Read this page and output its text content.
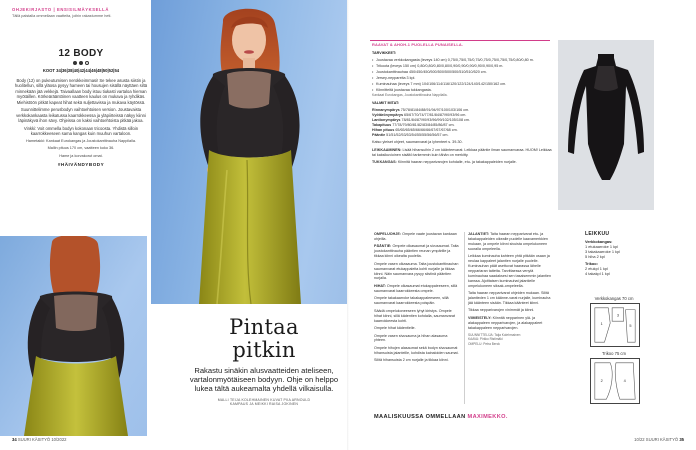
OHJEKIRJASTO | ENSISILMÄYKSELLÄ
Tällä palstalla ommellaan vaatteita, joihin rakastumme heti.
12 BODY
KOOT 34|36|38|40|42|44|46|48|50|52|54

Body (12) on pukeutumisen nerokkeimmasi! Se tekee asusta siistin ja huolitellun, sillä yläosa pysyy hameen tai housujen sisällä näyttäen siltä minnekään jää vekkejä. Taivaallaan body istuu tiukasti vartaloa hieman myötäillen. Körkeärääntöinen vaatteen kaulus on mukava ja ryhdikäs. Miehistöön pitkät kapeat hihat sekä suljettavissa ja mukava käytössä.

Suunnittelimme perusbodyn vaihtoehtoisen version. Joustavaista verkkokankaasta leikatussa kaarrokkeessa ja yläpiirteissä näkyy kiinni läpinäkyvä ihon sävy. Ohjeissa on kaksi vaihtoehtoista pitkää jakoa.

Vinkki: Voit ommella bodyn kokonaan tricoosta. Yhdistä silloin kaarrokkeeseen sama kangas kuin muuhun vartaloon.

Hametakki: Kankaat Eurokangas ja Joustokanttinauha Nappilalla.

Mallin pituus 170 cm, vaatteen koko 36.

Hame ja korvakorut omat.

#HÄIVÄNDYBODY
Pintaa
pitkin
Rakastu sinäkin alusvaatteiden ateliseen, vartalonmyötäiseen bodyyn. Ohje on helppo lukea tältä aukeamalta yhdellä vilkaisulla.
MALLI TEIJA KOLEHMAINEN KUVAT PIIA ARNOULD
KAMPAUS JA MEIKKI RAISA JOKINEN
34 SUURI KÄSITYÖ 10/2022

RAAVAT & AHOH-1 PUOLELLA PUNAISELLA.

TARVIKKEET:

• Joustavaa verkkokangasta (leveys 140 cm) 0,75/0,75/0,75/0,75/0,75/0,75/0,75/0,75/0,80/0,80 m.
• Trikoota (leveys 150 cm) 0,80/0,80/0,80/0,80/0,90/0,90/0,90/0,90/0,90/0,95 m.
• Joustokanttinauhaa 450/450/450/500/500/500/500/510/510/520 cm.
• Jersey-neppareita 3 kpl.
• Kuminauhaa (leveys 7 mm) 104/106/114/116/120/122/124/140/142/150/162 cm.
• Kiinnitteitä joustavaa tukkangasta.

Kankaat Eurokangas, Joustokanttinauha Nappilalla.

VALMIIT MITAT:

Rinnanympärys 75/78/81/84/88/91/94/97/100/103/106 cm.
Vyötärönympärys 65/67/70/74/77/81/84/87/90/93/96 cm.
Lantionympärys 78/81/84/87/90/93/96/99/102/105/108 cm.
Takapituus 77/78/79/80/81/82/83/84/85/86/87 cm.
Hihan pituus 65/65/65/65/66/66/66/67/67/67/68 cm.
Pääntie 51/51/52/53/53/54/55/55/56/56/57 cm.

Katso yleiset ohjeet, saumanvarat ja lyhenteet s. 39-30.

LEIKKAAMINEN: Lisää hihansuihin 2 cm käänteevarat. Leikkaa pääntie ilman saumanvaraa. HUOM! Leikkaa tai kaksikuvioinen sisältö tarkemmin kuin tähän on merkitty.

TUKKANGAS: Kiinnitä haaran nepparivarojen kohdalle, etu- ja takakappaleiden nurjalle.

OMPELUOHJE: Ompele vaate joustavan kankaan ohjeilla.

PÄÄNTIE: Ompele olkasaumat ja sivusaumat. Taita joustokanttinauha pääntien reunan ympärille ja tikkaa kiinni oikealta puolelta.

Ompele vasen olkasauma. Taita joustokanttinauhan saumanvarat etukappaleita kohti nurjalle ja tikkaa kiinni. Näin saumanvara pysyy siistinä pääntien nurjalla.

HIHAT: Ompele olkasaumat etukappaleeseen, sillä saumanvarat kaarrokkeesta ompele.

Ompele takakaarroke takakappaleeseen, sillä saumanvarat kaarrokkeesta poispäin.

Säädä ompelukoneeseen lyhyt kiristys. Ompele hihat kiinni, sillä kädentien kohdalla, saumanvarat kaarrokkeesta kohti.

Ompele hihat kädentielle.

Ompele vasen sivusauma ja hihan alasauma yhteen.

Ompele hihojen alasaumat sekä bodyn sivusaumat hihansuista jalanteille, kohdista kainaloiden saumat.

Silitä hihansuista 2 cm nurjalle ja tikkaa kiinni.

JALANTIET: Taita haaran nepparivarat etu- ja takakappaleiden oikealle puolelle kaavamerkkien mukaan, ja ompele kiinni sivuista ompelukoneen suoralla ompeleella.

Leikkaa kuminauha kahteen yhtä pitkään osaan ja neulaa kappaleet jalantien nurjalle puolelle. Kuminauhan päät asettuvat haarassa lähelle neppariaran taitetta. Tarvittaessa venytä kuminauhaa saadaksesi sen tasaisemmin jalantien kanssa. Ajoittaisen kuminauhat jalantielle ompelukoneen siksak-ompeleella.

Taita haaran nepparivarat ohjeiden mukaan. Silitä jalantieden 1 cm käänne-varat nurjalle, kuminauha jää käänteen sisään. Tikkaa käänteet kiinni.

Tikkaa nepparivarojen vinimmät ja kiinni.

VIIMEISTELY: Kiinnitä nepparinen ylä- ja alakappaleen nepparivarojen, ja alakappaleet takakappaleen nepparivarojen.

SUUNNITTELIJA: Taija Kolehmainen
KAAVA: Pirkko Ristimäki
OMPELU: Petra Berck
LEIKKUU
Verkkokangas:
1 etukaarroke 1 kpl
3 takakaarroke 1 kpl
5 hiha 2 kpl
Trikoo:
2 etukpl 1 kpl
4 takakpl 1 kpl
Verkkokangas 70 cm
1
3
5
Trikoo 75 cm
2	4
MAALISKUUSSA OMMELLAAN MAXIMEKKO.
10/22 SUURI KÄSITYÖ 35
